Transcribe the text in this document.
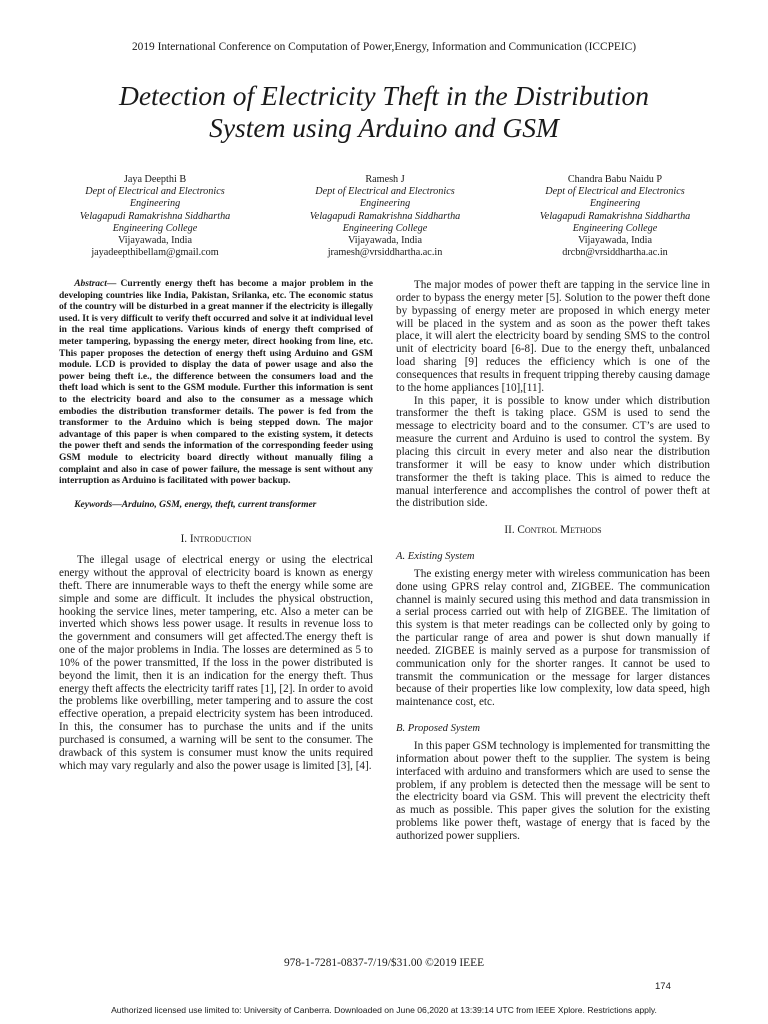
2019 International Conference on Computation of Power,Energy, Information and Communication (ICCPEIC)
Detection of Electricity Theft in the Distribution
System using Arduino and GSM
Jaya Deepthi B
Dept of Electrical and Electronics
Engineering
Velagapudi Ramakrishna Siddhartha
Engineering College
Vijayawada, India
jayadeepthibellam@gmail.com
Ramesh J
Dept of Electrical and Electronics
Engineering
Velagapudi Ramakrishna Siddhartha
Engineering College
Vijayawada, India
jramesh@vrsiddhartha.ac.in
Chandra Babu Naidu P
Dept of Electrical and Electronics
Engineering
Velagapudi Ramakrishna Siddhartha
Engineering College
Vijayawada, India
drcbn@vrsiddhartha.ac.in

Abstract— Currently energy theft has become a major problem in the developing countries like India, Pakistan, Srilanka, etc. The economic status of the country will be disturbed in a great manner if the electricity is illegally used. It is very difficult to verify theft occurred and solve it at individual level in the real time applications. Various kinds of energy theft comprised of meter tampering, bypassing the energy meter, direct hooking from line, etc. This paper proposes the detection of energy theft using Arduino and GSM module. LCD is provided to display the data of power usage and also the power being theft i.e., the difference between the consumers load and the theft load which is sent to the GSM module. Further this information is sent to the electricity board and also to the consumer as a message which embodies the distribution transformer details. The power is fed from the transformer to the Arduino which is being stepped down. The major advantage of this paper is when compared to the existing system, it detects the power theft and sends the information of the corresponding feeder using GSM module to electricity board directly without manually filing a complaint and also in case of power failure, the message is sent without any interruption as Arduino is facilitated with power backup.

Keywords—Arduino, GSM, energy, theft, current transformer

I. Introduction

The illegal usage of electrical energy or using the electrical energy without the approval of electricity board is known as energy theft. There are innumerable ways to theft the energy while some are simple and some are difficult. It includes the physical obstruction, hooking the service lines, meter tampering, etc. Also a meter can be inverted which shows less power usage. It results in revenue loss to the government and consumers will get affected.The energy theft is one of the major problems in India. The losses are determined as 5 to 10% of the power transmitted, If the loss in the power distributed is beyond the limit, then it is an indication for the energy theft. Thus energy theft affects the electricity tariff rates [1], [2]. In order to avoid the problems like overbilling, meter tampering and to assure the cost effective operation, a prepaid electricity system has been introduced. In this, the consumer has to purchase the units and if the units purchased is consumed, a warning will be sent to the consumer. The drawback of this system is consumer must know the units required which may vary regularly and also the power usage is limited [3], [4].

The major modes of power theft are tapping in the service line in order to bypass the energy meter [5]. Solution to the power theft done by bypassing of energy meter are proposed in which energy meter will be placed in the system and as soon as the power theft takes place, it will alert the electricity board by sending SMS to the control unit of electricity board [6-8]. Due to the energy theft, unbalanced load sharing [9] reduces the efficiency which is one of the consequences that results in frequent tripping thereby causing damage to the home appliances [10],[11].

In this paper, it is possible to know under which distribution transformer the theft is taking place. GSM is used to send the message to electricity board and to the consumer. CT’s are used to measure the current and Arduino is used to control the system. By placing this circuit in every meter and also near the distribution transformer it will be easy to know under which distribution transformer the theft is taking place. This is aimed to reduce the manual interference and accomplishes the control of power theft at the distribution side.

II. Control Methods
A. Existing System

The existing energy meter with wireless communication has been done using GPRS relay control and, ZIGBEE. The communication channel is mainly secured using this method and data transmission in a serial process carried out with help of ZIGBEE. The limitation of this system is that meter readings can be collected only by going to the particular range of area and power is shut down manually if needed. ZIGBEE is mainly served as a purpose for transmission of communication only for the shorter ranges. It cannot be used to transmit the communication or the message for larger distances because of their properties like low complexity, low data speed, high maintenance cost, etc.

B. Proposed System

In this paper GSM technology is implemented for transmitting the information about power theft to the supplier. The system is being interfaced with arduino and transformers which are used to sense the problem, if any problem is detected then the message will be sent to the electricity board via GSM. This will prevent the electricity theft as much as possible. This paper gives the solution for the existing problems like power theft, wastage of energy that is faced by the authorized power suppliers.

978-1-7281-0837-7/19/$31.00 ©2019 IEEE
174
Authorized licensed use limited to: University of Canberra. Downloaded on June 06,2020 at 13:39:14 UTC from IEEE Xplore. Restrictions apply.
